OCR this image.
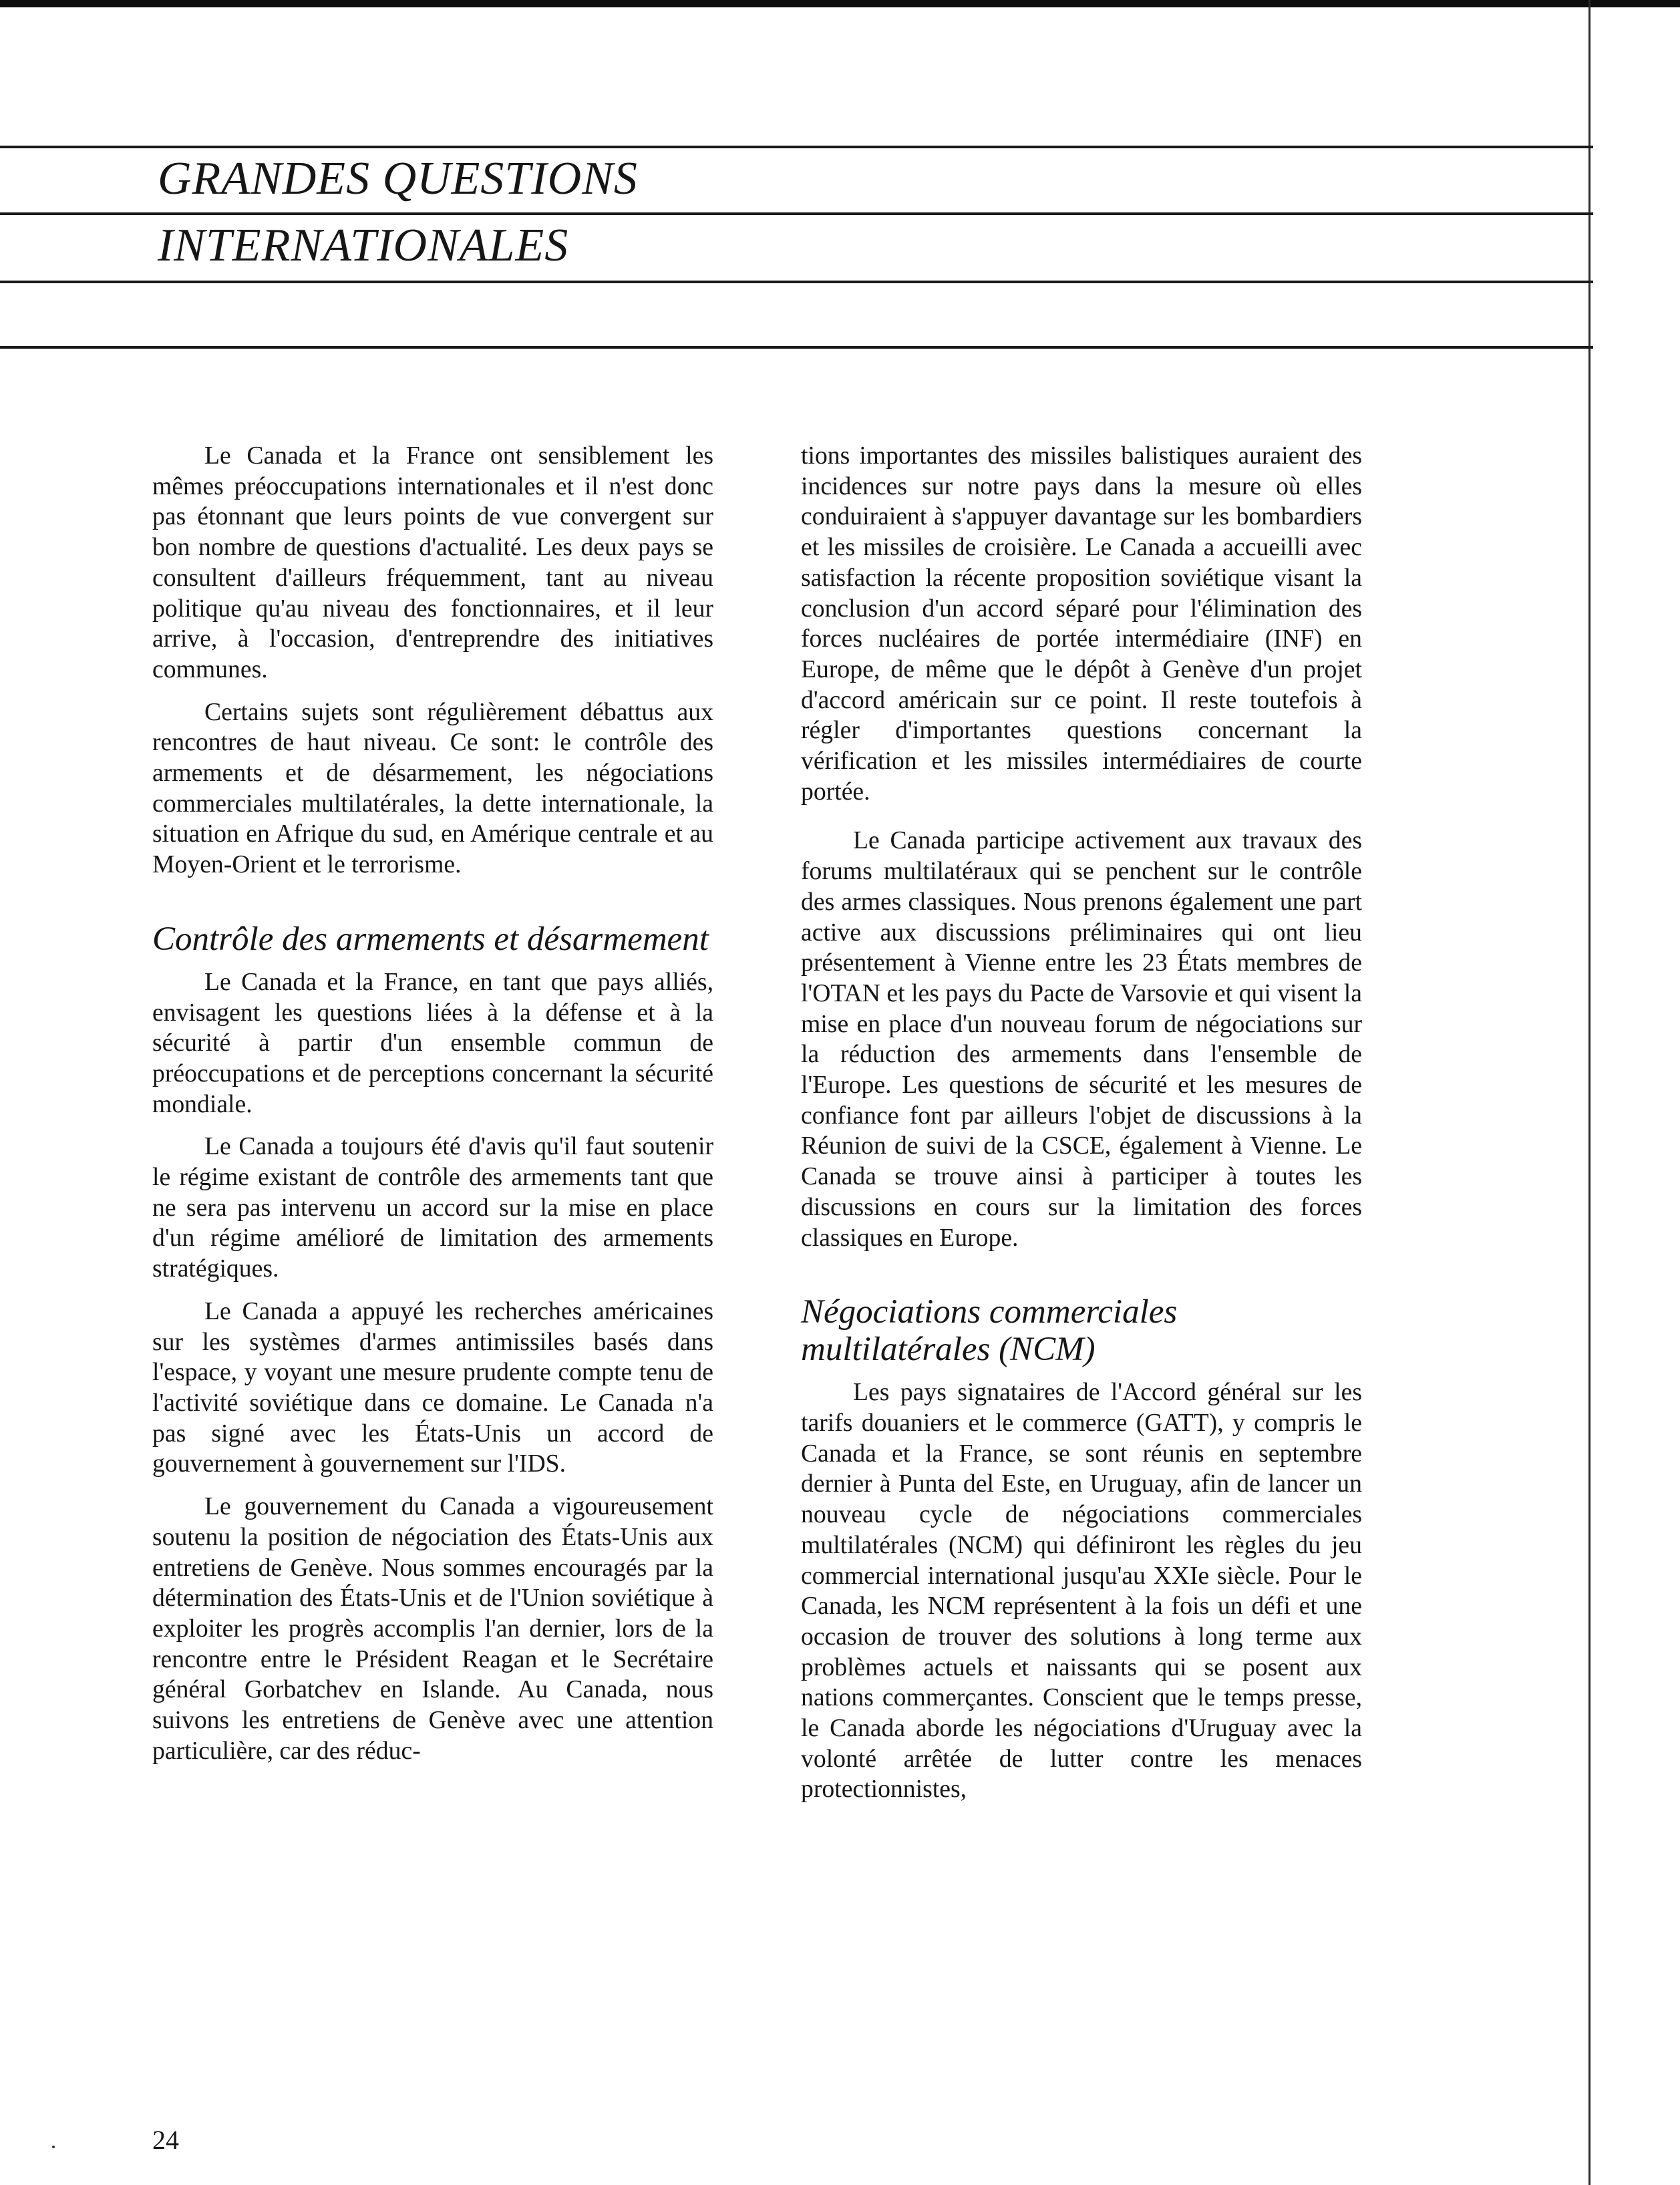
GRANDES QUESTIONS
INTERNATIONALES

Le Canada et la France ont sensiblement les mêmes préoccupations internationales et il n'est donc pas étonnant que leurs points de vue convergent sur bon nombre de questions d'actualité. Les deux pays se consultent d'ailleurs fréquemment, tant au niveau politique qu'au niveau des fonctionnaires, et il leur arrive, à l'occasion, d'entreprendre des initiatives communes.

Certains sujets sont régulièrement débattus aux rencontres de haut niveau. Ce sont: le contrôle des armements et de désarmement, les négociations commerciales multilatérales, la dette internationale, la situation en Afrique du sud, en Amérique centrale et au Moyen-Orient et le terrorisme.

Contrôle des armements et désarmement

Le Canada et la France, en tant que pays alliés, envisagent les questions liées à la défense et à la sécurité à partir d'un ensemble commun de préoccupations et de perceptions concernant la sécurité mondiale.

Le Canada a toujours été d'avis qu'il faut soutenir le régime existant de contrôle des armements tant que ne sera pas intervenu un accord sur la mise en place d'un régime amélioré de limitation des armements stratégiques.

Le Canada a appuyé les recherches américaines sur les systèmes d'armes antimissiles basés dans l'espace, y voyant une mesure prudente compte tenu de l'activité soviétique dans ce domaine. Le Canada n'a pas signé avec les États-Unis un accord de gouvernement à gouvernement sur l'IDS.

Le gouvernement du Canada a vigoureusement soutenu la position de négociation des États-Unis aux entretiens de Genève. Nous sommes encouragés par la détermination des États-Unis et de l'Union soviétique à exploiter les progrès accomplis l'an dernier, lors de la rencontre entre le Président Reagan et le Secrétaire général Gorbatchev en Islande. Au Canada, nous suivons les entretiens de Genève avec une attention particulière, car des réduc-

tions importantes des missiles balistiques auraient des incidences sur notre pays dans la mesure où elles conduiraient à s'appuyer davantage sur les bombardiers et les missiles de croisière. Le Canada a accueilli avec satisfaction la récente proposition soviétique visant la conclusion d'un accord séparé pour l'élimination des forces nucléaires de portée intermédiaire (INF) en Europe, de même que le dépôt à Genève d'un projet d'accord américain sur ce point. Il reste toutefois à régler d'importantes questions concernant la vérification et les missiles intermédiaires de courte portée.

Le Canada participe activement aux travaux des forums multilatéraux qui se penchent sur le contrôle des armes classiques. Nous prenons également une part active aux discussions préliminaires qui ont lieu présentement à Vienne entre les 23 États membres de l'OTAN et les pays du Pacte de Varsovie et qui visent la mise en place d'un nouveau forum de négociations sur la réduction des armements dans l'ensemble de l'Europe. Les questions de sécurité et les mesures de confiance font par ailleurs l'objet de discussions à la Réunion de suivi de la CSCE, également à Vienne. Le Canada se trouve ainsi à participer à toutes les discussions en cours sur la limitation des forces classiques en Europe.

Négociations commerciales multilatérales (NCM)

Les pays signataires de l'Accord général sur les tarifs douaniers et le commerce (GATT), y compris le Canada et la France, se sont réunis en septembre dernier à Punta del Este, en Uruguay, afin de lancer un nouveau cycle de négociations commerciales multilatérales (NCM) qui définiront les règles du jeu commercial international jusqu'au XXIe siècle. Pour le Canada, les NCM représentent à la fois un défi et une occasion de trouver des solutions à long terme aux problèmes actuels et naissants qui se posent aux nations commerçantes. Conscient que le temps presse, le Canada aborde les négociations d'Uruguay avec la volonté arrêtée de lutter contre les menaces protectionnistes,

24
